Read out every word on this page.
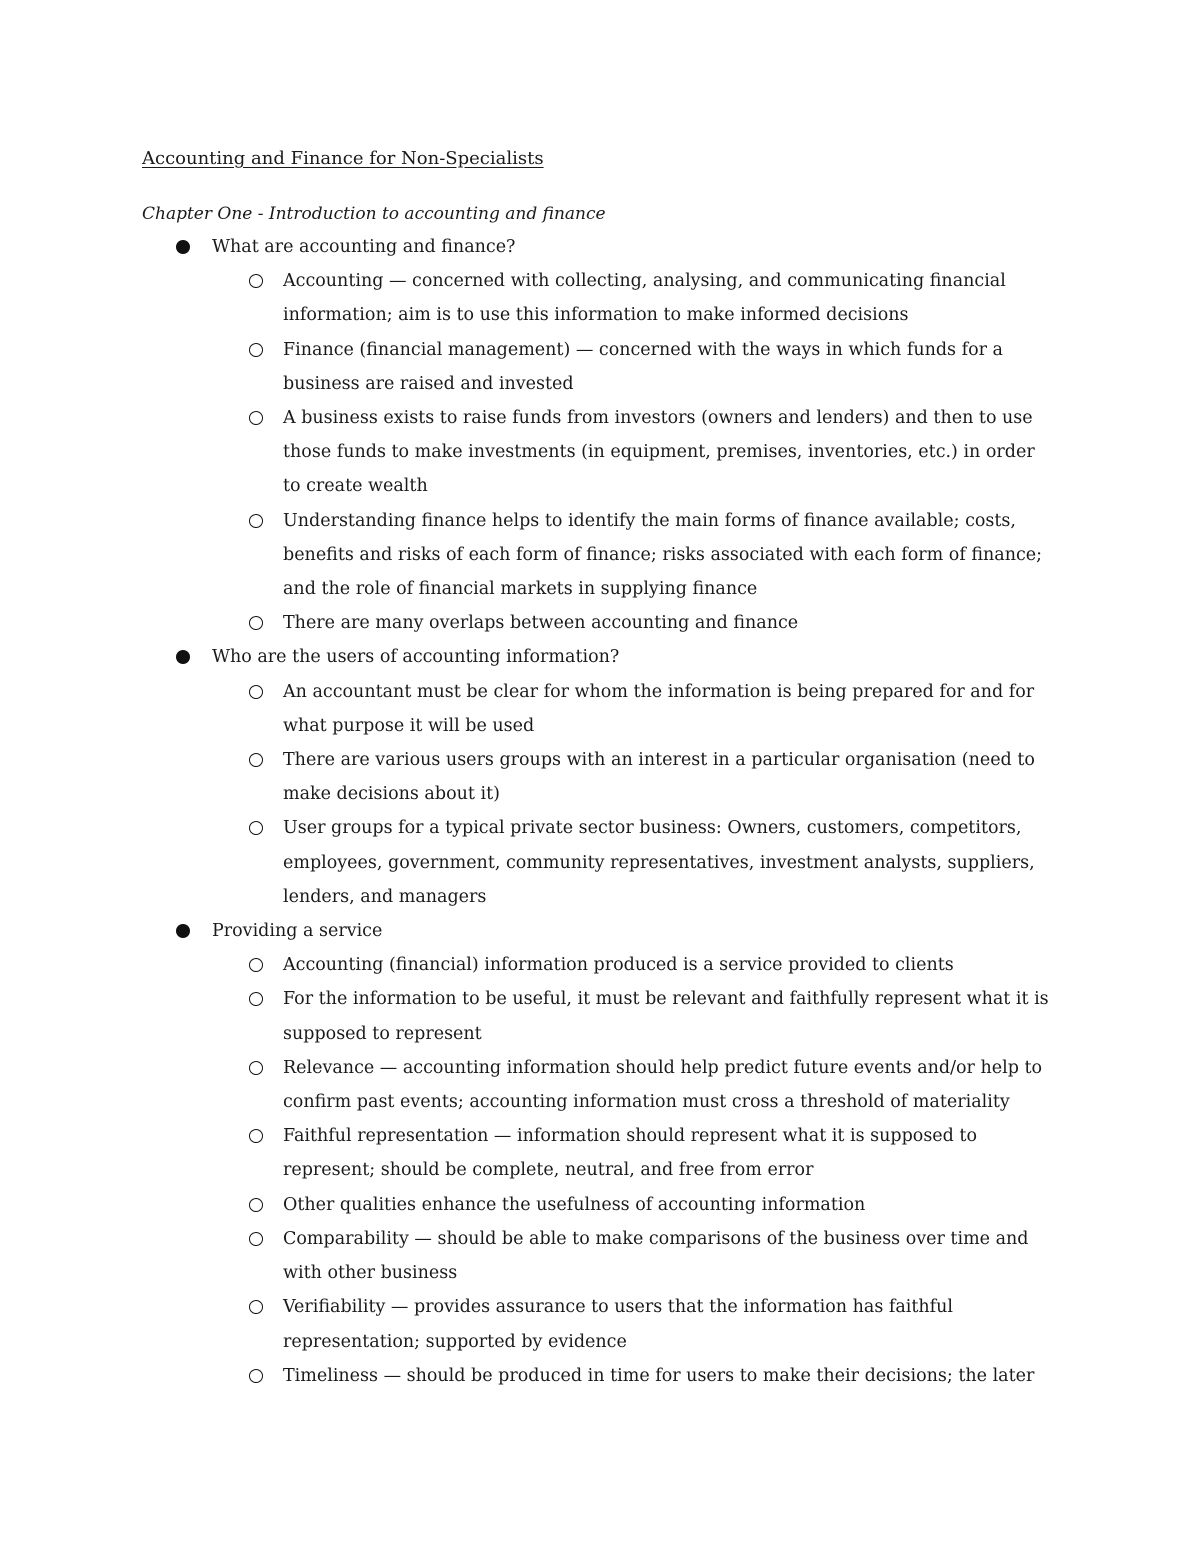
Accounting and Finance for Non-Specialists
Chapter One - Introduction to accounting and finance
What are accounting and finance?
Accounting — concerned with collecting, analysing, and communicating financial information; aim is to use this information to make informed decisions
Finance (financial management) — concerned with the ways in which funds for a business are raised and invested
A business exists to raise funds from investors (owners and lenders) and then to use those funds to make investments (in equipment, premises, inventories, etc.) in order to create wealth
Understanding finance helps to identify the main forms of finance available; costs, benefits and risks of each form of finance; risks associated with each form of finance; and the role of financial markets in supplying finance
There are many overlaps between accounting and finance
Who are the users of accounting information?
An accountant must be clear for whom the information is being prepared for and for what purpose it will be used
There are various users groups with an interest in a particular organisation (need to make decisions about it)
User groups for a typical private sector business: Owners, customers, competitors, employees, government, community representatives, investment analysts, suppliers, lenders, and managers
Providing a service
Accounting (financial) information produced is a service provided to clients
For the information to be useful, it must be relevant and faithfully represent what it is supposed to represent
Relevance — accounting information should help predict future events and/or help to confirm past events; accounting information must cross a threshold of materiality
Faithful representation — information should represent what it is supposed to represent; should be complete, neutral, and free from error
Other qualities enhance the usefulness of accounting information
Comparability — should be able to make comparisons of the business over time and with other business
Verifiability — provides assurance to users that the information has faithful representation; supported by evidence
Timeliness — should be produced in time for users to make their decisions; the later
